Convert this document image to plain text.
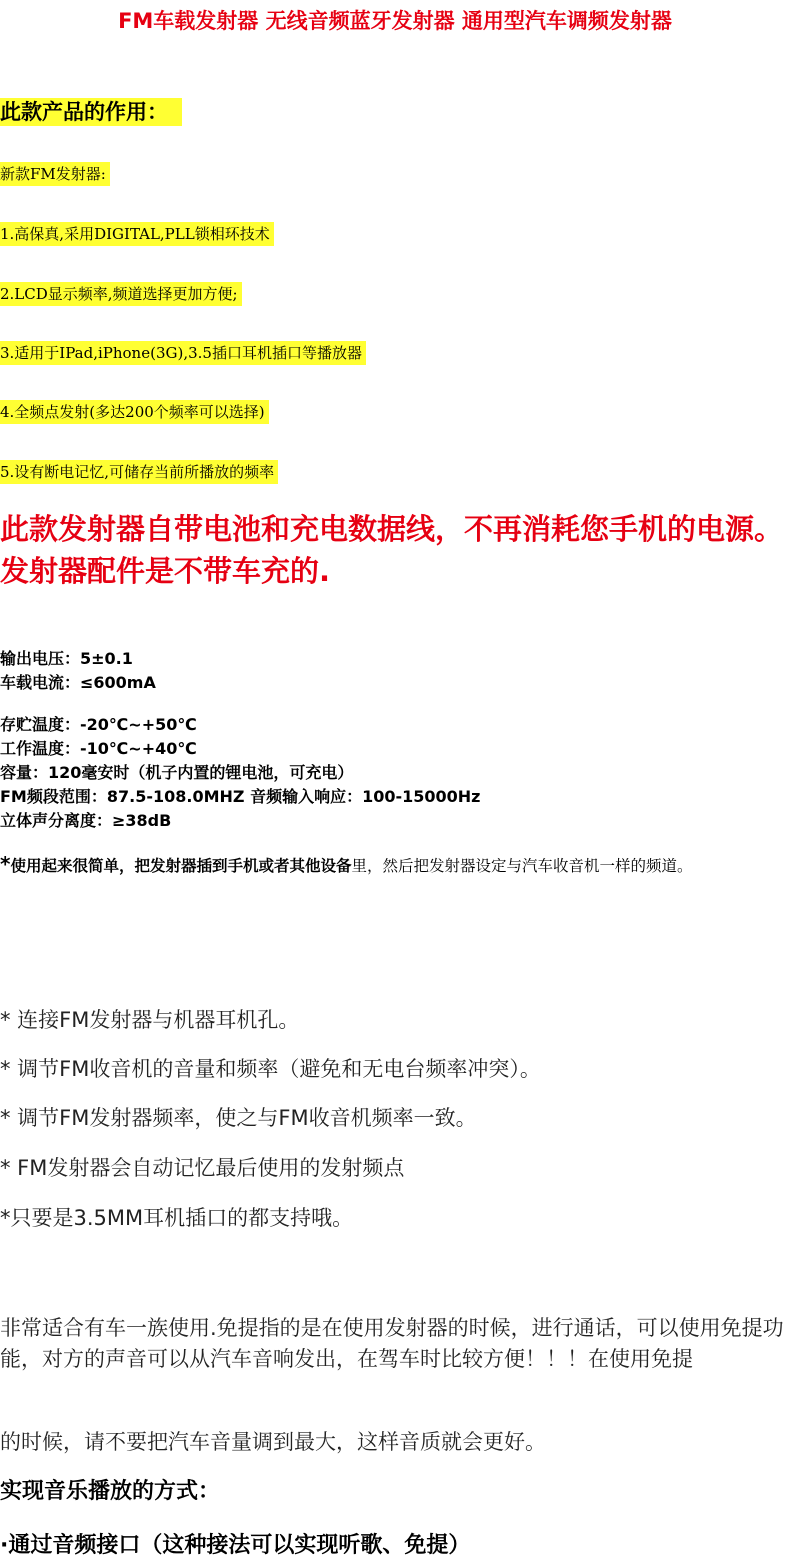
FM车载发射器 无线音频蓝牙发射器 通用型汽车调频发射器
此款产品的作用：
新款FM发射器:
1.高保真,采用DIGITAL,PLL锁相环技术
2.LCD显示频率,频道选择更加方便;
3.适用于IPad,iPhone(3G),3.5插口耳机插口等播放器
4.全频点发射(多达200个频率可以选择)
5.设有断电记忆,可储存当前所播放的频率
此款发射器自带电池和充电数据线，不再消耗您手机的电源。发射器配件是不带车充的.
输出电压：5±0.1
车载电流：≤600mA
存贮温度：-20℃~+50℃
工作温度：-10℃~+40℃
容量：120毫安时（机子内置的锂电池，可充电）
FM频段范围：87.5-108.0MHZ 音频输入响应：100-15000Hz
立体声分离度：≥38dB
*使用起来很简单，把发射器插到手机或者其他设备里，然后把发射器设定与汽车收音机一样的频道。
* 连接FM发射器与机器耳机孔。
* 调节FM收音机的音量和频率（避免和无电台频率冲突）。
* 调节FM发射器频率，使之与FM收音机频率一致。
* FM发射器会自动记忆最后使用的发射频点
*只要是3.5MM耳机插口的都支持哦。
非常适合有车一族使用.免提指的是在使用发射器的时候，进行通话，可以使用免提功能，对方的声音可以从汽车音响发出，在驾车时比较方便！！！在使用免提
的时候，请不要把汽车音量调到最大，这样音质就会更好。
实现音乐播放的方式：
·通过音频接口（这种接法可以实现听歌、免提）
